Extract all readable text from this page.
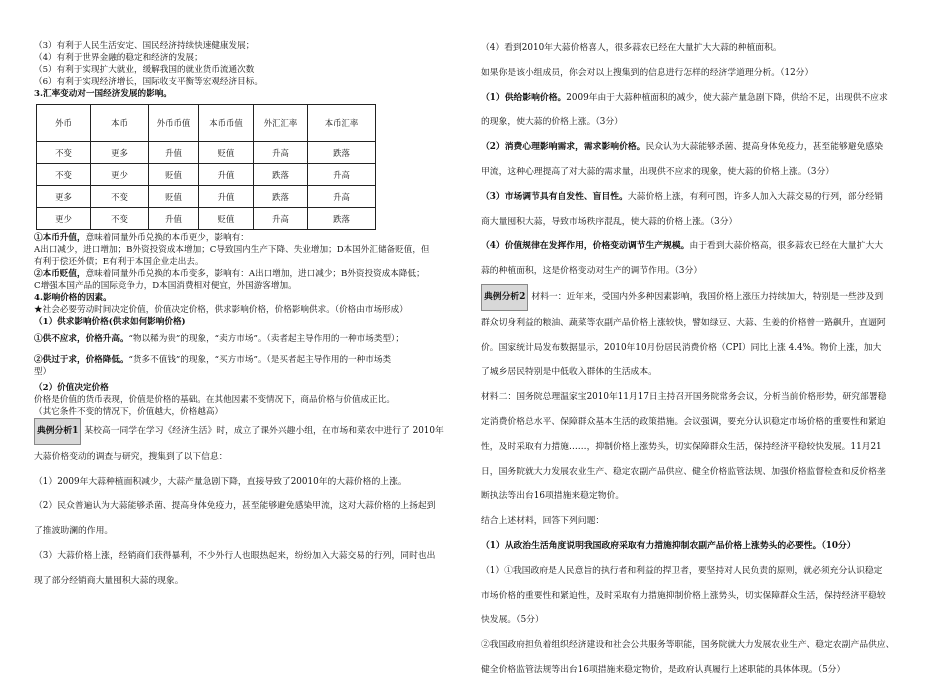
（3）有利于人民生活安定、国民经济持续快速健康发展；
（4）有利于世界金融的稳定和经济的发展；
（5）有利于实现扩大就业，缓解我国的就业货币流通次数
（6）有利于实现经济增长，国际收支平衡等宏观经济目标。
3.汇率变动对一国经济发展的影响。
外币	本币	外币币值	本币币值	外汇汇率	本币汇率
不变	更多	升值	贬值	升高	跌落
不变	更少	贬值	升值	跌落	升高
更多	不变	贬值	升值	跌落	升高
更少	不变	升值	贬值	升高	跌落
①本币升值，意味着同量外币兑换的本币更少，影响有：
A出口减少，进口增加；B外资投资成本增加；C导致国内生产下降、失业增加；D本国外汇储备贬值，但
有利于偿还外债；E有利于本国企业走出去。
②本币贬值，意味着同量外币兑换的本币变多，影响有：A出口增加，进口减少；B外资投资成本降低；
C增强本国产品的国际竞争力，D本国消费相对便宜，外国游客增加。
4.影响价格的因素。
★社会必要劳动时间决定价值，价值决定价格，供求影响价格，价格影响供求。（价格由市场形成）
（1）供求影响价格(供求如何影响价格)
①供不应求，价格升高。“物以稀为贵”的现象，“卖方市场”。（卖者起主导作用的一种市场类型）；
②供过于求，价格降低。“货多不值钱”的现象，“买方市场”。（是买者起主导作用的一种市场类
型）
（2）价值决定价格
价格是价值的货币表现，价值是价格的基础。在其他因素不变情况下，商品价格与价值成正比。
（其它条件不变的情况下，价值越大，价格越高）
典例分析1 某校高一同学在学习《经济生活》时，成立了课外兴趣小组，在市场和菜农中进行了 2010年
大蒜价格变动的调查与研究，搜集到了以下信息：
（1）2009年大蒜种植面积减少，大蒜产量急剧下降，直接导致了20010年的大蒜价格的上涨。
（2）民众普遍认为大蒜能够杀菌、提高身体免疫力，甚至能够避免感染甲流，这对大蒜价格的上扬起到
了推波助澜的作用。
（3）大蒜价格上涨，经销商们获得暴利，不少外行人也眼热起来，纷纷加入大蒜交易的行列，同时也出
现了部分经销商大量囤积大蒜的现象。
（4）看到2010年大蒜价格喜人，很多蒜农已经在大量扩大大蒜的种植面积。
如果你是该小组成员，你会对以上搜集到的信息进行怎样的经济学道理分析。（12分）
（1）供给影响价格。2009年由于大蒜种植面积的减少，使大蒜产量急剧下降，供给不足，出现供不应求
的现象，使大蒜的价格上涨。（3分）
（2）消费心理影响需求，需求影响价格。民众认为大蒜能够杀菌、提高身体免疫力，甚至能够避免感染
甲流，这种心理提高了对大蒜的需求量，出现供不应求的现象，使大蒜的价格上涨。（3分）
（3）市场调节具有自发性、盲目性。大蒜价格上涨，有利可图，许多人加入大蒜交易的行列，部分经销
商大量囤积大蒜，导致市场秩序混乱，使大蒜的价格上涨。（3分）
（4）价值规律在发挥作用，价格变动调节生产规模。由于看到大蒜价格高，很多蒜农已经在大量扩大大
蒜的种植面积，这是价格变动对生产的调节作用。（3分）
典例分析2 材料一：近年来，受国内外多种因素影响，我国价格上涨压力持续加大，特别是一些涉及到
群众切身利益的粮油、蔬菜等农副产品价格上涨较快，譬如绿豆、大蒜、生姜的价格曾一路飙升，直逼阿
价。国家统计局发布数据显示，2010年10月份居民消费价格（CPI）同比上涨 4.4%。物价上涨，加大
了城乡居民特别是中低收入群体的生活成本。
材料二：国务院总理温家宝2010年11月17日主持召开国务院常务会议，分析当前价格形势，研究部署稳
定消费价格总水平、保障群众基本生活的政策措施。会议强调，要充分认识稳定市场价格的重要性和紧迫
性，及时采取有力措施……，抑制价格上涨势头，切实保障群众生活，保持经济平稳较快发展。11月21
日，国务院就大力发展农业生产、稳定农副产品供应、健全价格监管法规、加强价格监督检查和反价格垄
断执法等出台16项措施来稳定物价。
结合上述材料，回答下列问题：
（1）从政治生活角度说明我国政府采取有力措施抑制农副产品价格上涨势头的必要性。（10分）
（1）①我国政府是人民意旨的执行者和利益的捍卫者，要坚持对人民负责的原则，就必须充分认识稳定
市场价格的重要性和紧迫性，及时采取有力措施抑制价格上涨势头，切实保障群众生活，保持经济平稳较
快发展。（5分）
②我国政府担负着组织经济建设和社会公共服务等职能，国务院就大力发展农业生产、稳定农副产品供应、
健全价格监管法规等出台16项措施来稳定物价，是政府认真履行上述职能的具体体现。（5分）
